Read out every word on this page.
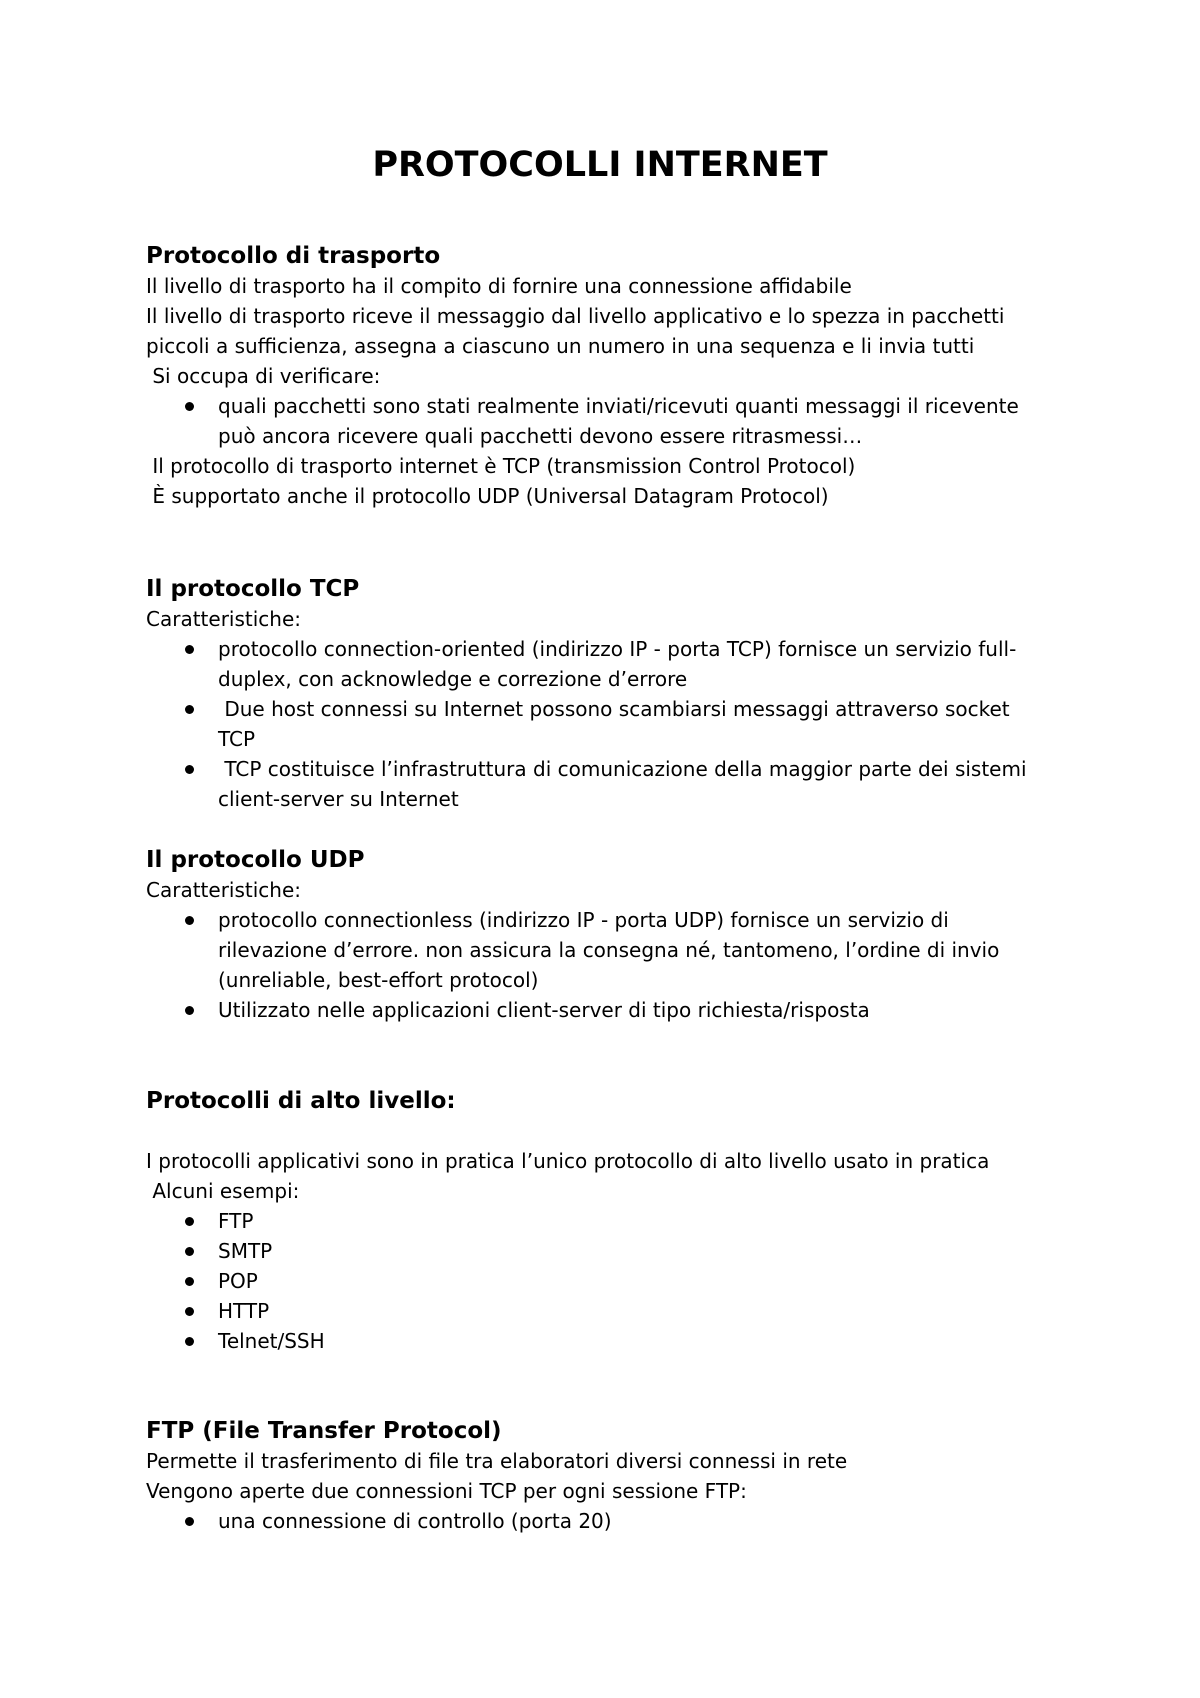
PROTOCOLLI INTERNET
Protocollo di trasporto

Il livello di trasporto ha il compito di fornire una connessione affidabile

Il livello di trasporto riceve il messaggio dal livello applicativo e lo spezza in pacchetti piccoli a sufficienza, assegna a ciascuno un numero in una sequenza e li invia tutti

Si occupa di verificare:

quali pacchetti sono stati realmente inviati/ricevuti quanti messaggi il ricevente può ancora ricevere quali pacchetti devono essere ritrasmessi…

Il protocollo di trasporto internet è TCP (transmission Control Protocol)

È supportato anche il protocollo UDP (Universal Datagram Protocol)

Il protocollo TCP

Caratteristiche:

protocollo connection-oriented (indirizzo IP - porta TCP) fornisce un servizio full-duplex, con acknowledge e correzione d’errore
Due host connessi su Internet possono scambiarsi messaggi attraverso socket TCP
TCP costituisce l’infrastruttura di comunicazione della maggior parte dei sistemi client-server su Internet
Il protocollo UDP

Caratteristiche:

protocollo connectionless (indirizzo IP - porta UDP) fornisce un servizio di rilevazione d’errore. non assicura la consegna né, tantomeno, l’ordine di invio (unreliable, best-effort protocol)
Utilizzato nelle applicazioni client-server di tipo richiesta/risposta
Protocolli di alto livello:

I protocolli applicativi sono in pratica l’unico protocollo di alto livello usato in pratica

Alcuni esempi:

FTP
SMTP
POP
HTTP
Telnet/SSH
FTP (File Transfer Protocol)

Permette il trasferimento di file tra elaboratori diversi connessi in rete

Vengono aperte due connessioni TCP per ogni sessione FTP:

una connessione di controllo (porta 20)
